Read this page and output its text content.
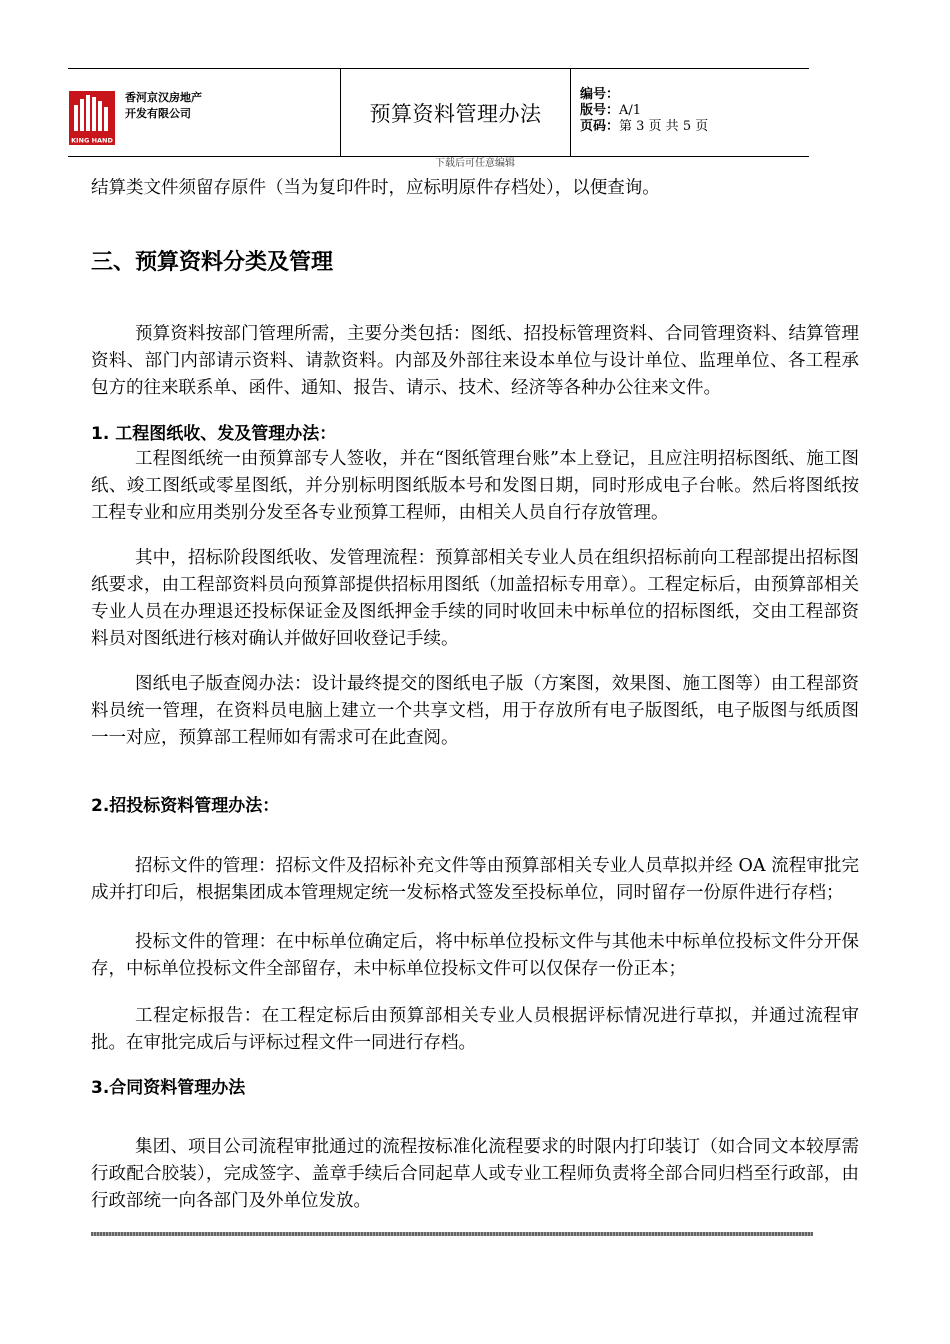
KING HAND
香河京汉房地产
开发有限公司	预算资料管理办法
编号：
版号：A/1
页码：第 3 页 共 5 页
下载后可任意编辑
结算类文件须留存原件（当为复印件时，应标明原件存档处），以便查询。
三、预算资料分类及管理
预算资料按部门管理所需，主要分类包括：图纸、招投标管理资料、合同管理资料、结算管理资料、部门内部请示资料、请款资料。内部及外部往来设本单位与设计单位、监理单位、各工程承包方的往来联系单、函件、通知、报告、请示、技术、经济等各种办公往来文件。
1. 工程图纸收、发及管理办法：
工程图纸统一由预算部专人签收，并在“图纸管理台账”本上登记，且应注明招标图纸、施工图纸、竣工图纸或零星图纸，并分别标明图纸版本号和发图日期，同时形成电子台帐。然后将图纸按工程专业和应用类别分发至各专业预算工程师，由相关人员自行存放管理。
其中，招标阶段图纸收、发管理流程：预算部相关专业人员在组织招标前向工程部提出招标图纸要求，由工程部资料员向预算部提供招标用图纸（加盖招标专用章）。工程定标后，由预算部相关专业人员在办理退还投标保证金及图纸押金手续的同时收回未中标单位的招标图纸，交由工程部资料员对图纸进行核对确认并做好回收登记手续。
图纸电子版查阅办法：设计最终提交的图纸电子版（方案图，效果图、施工图等）由工程部资料员统一管理，在资料员电脑上建立一个共享文档，用于存放所有电子版图纸，电子版图与纸质图一一对应，预算部工程师如有需求可在此查阅。
2.招投标资料管理办法：
招标文件的管理：招标文件及招标补充文件等由预算部相关专业人员草拟并经 OA 流程审批完成并打印后，根据集团成本管理规定统一发标格式签发至投标单位，同时留存一份原件进行存档；
投标文件的管理：在中标单位确定后，将中标单位投标文件与其他未中标单位投标文件分开保存，中标单位投标文件全部留存，未中标单位投标文件可以仅保存一份正本；
工程定标报告：在工程定标后由预算部相关专业人员根据评标情况进行草拟，并通过流程审批。在审批完成后与评标过程文件一同进行存档。
3.合同资料管理办法
集团、项目公司流程审批通过的流程按标准化流程要求的时限内打印装订（如合同文本较厚需行政配合胶装），完成签字、盖章手续后合同起草人或专业工程师负责将全部合同归档至行政部，由行政部统一向各部门及外单位发放。
